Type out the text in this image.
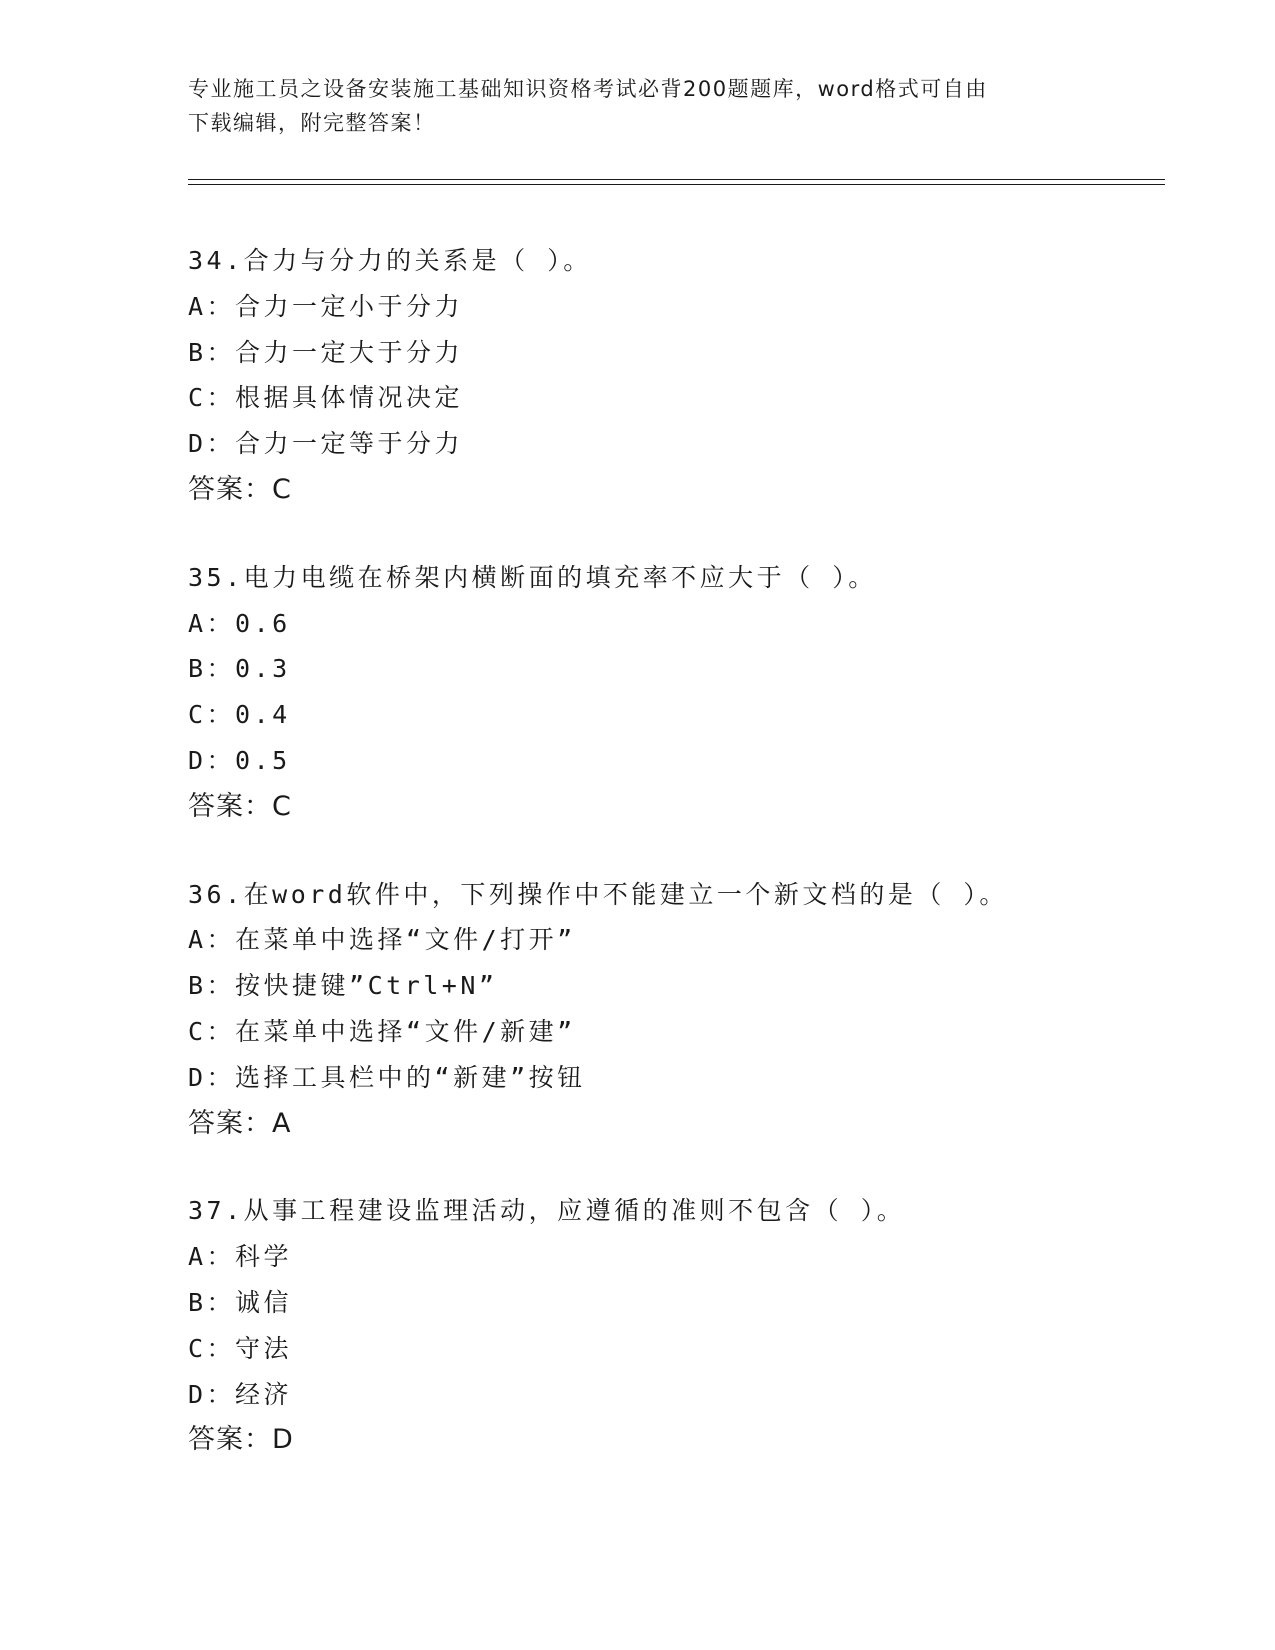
专业施工员之设备安装施工基础知识资格考试必背200题题库，word格式可自由
下载编辑，附完整答案！
34.合力与分力的关系是（ ）。
A：合力一定小于分力
B：合力一定大于分力
C：根据具体情况决定
D：合力一定等于分力
答案：C
35.电力电缆在桥架内横断面的填充率不应大于（ ）。
A：0.6
B：0.3
C：0.4
D：0.5
答案：C
36.在word软件中，下列操作中不能建立一个新文档的是（ ）。
A：在菜单中选择“文件/打开”
B：按快捷键”Ctrl+N”
C：在菜单中选择“文件/新建”
D：选择工具栏中的“新建”按钮
答案：A
37.从事工程建设监理活动，应遵循的准则不包含（ ）。
A：科学
B：诚信
C：守法
D：经济
答案：D
